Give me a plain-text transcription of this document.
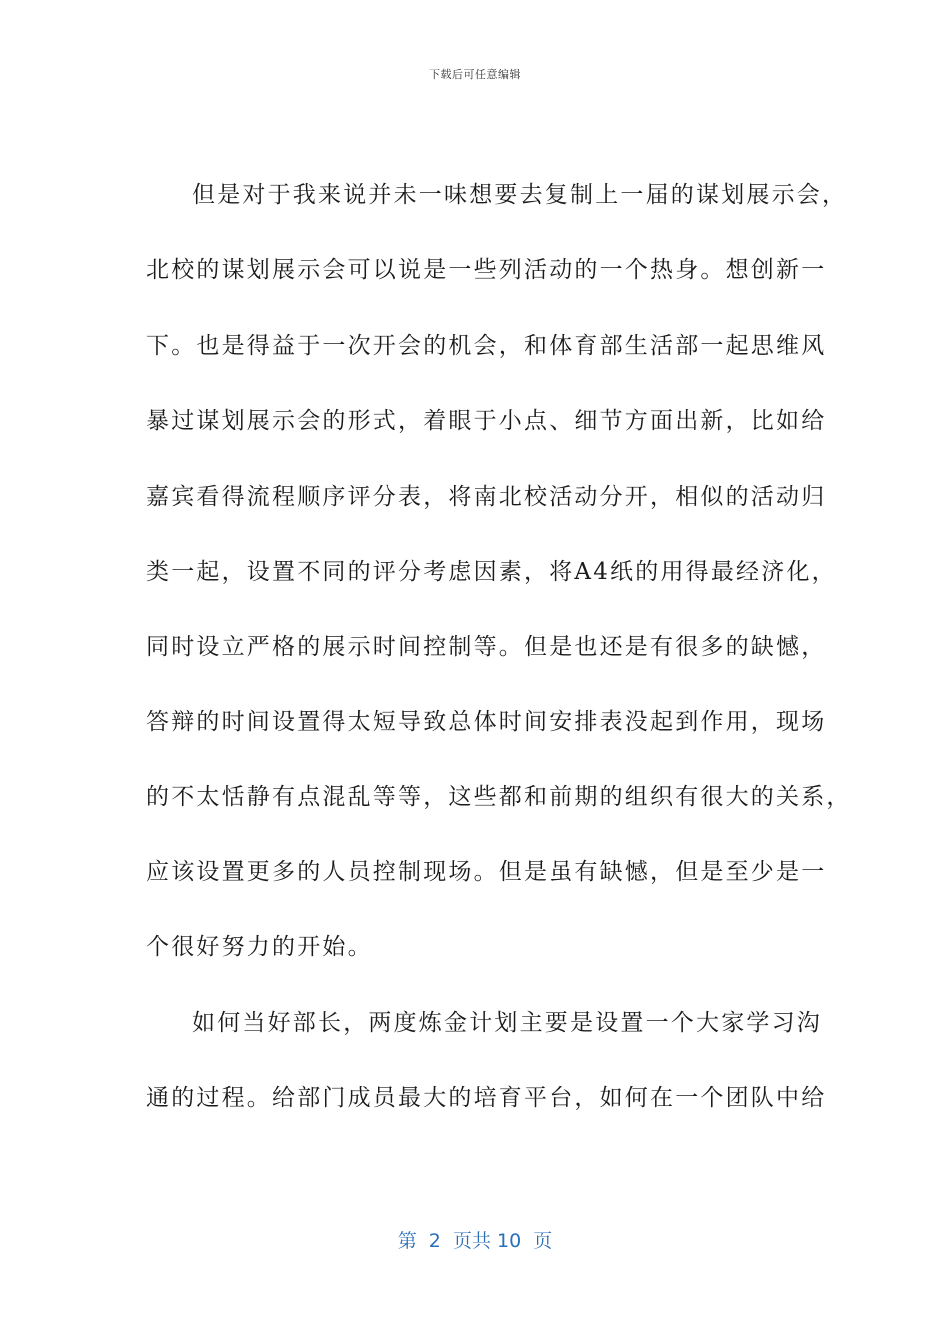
下载后可任意编辑
但是对于我来说并未一味想要去复制上一届的谋划展示会，
北校的谋划展示会可以说是一些列活动的一个热身。想创新一
下。也是得益于一次开会的机会，和体育部生活部一起思维风
暴过谋划展示会的形式，着眼于小点、细节方面出新，比如给
嘉宾看得流程顺序评分表，将南北校活动分开，相似的活动归
类一起，设置不同的评分考虑因素，将A4纸的用得最经济化，
同时设立严格的展示时间控制等。但是也还是有很多的缺憾，
答辩的时间设置得太短导致总体时间安排表没起到作用，现场
的不太恬静有点混乱等等，这些都和前期的组织有很大的关系，
应该设置更多的人员控制现场。但是虽有缺憾，但是至少是一
个很好努力的开始。
如何当好部长，两度炼金计划主要是设置一个大家学习沟
通的过程。给部门成员最大的培育平台，如何在一个团队中给
第  2  页共 10  页
